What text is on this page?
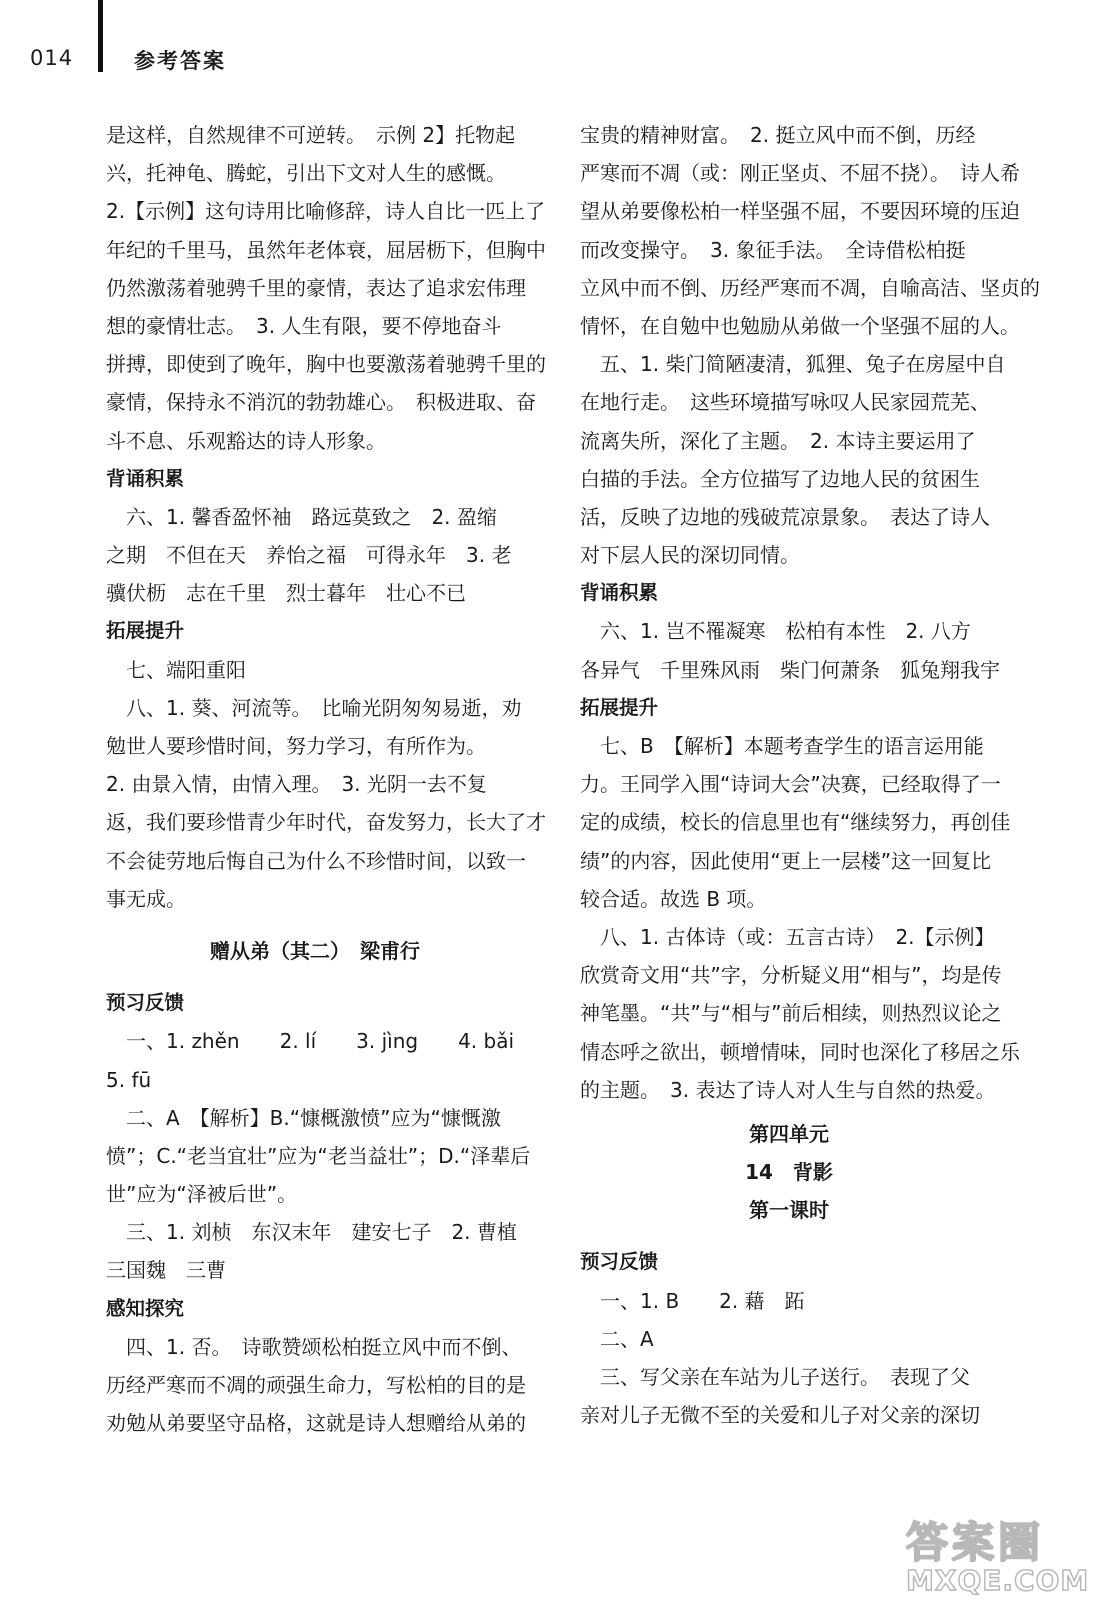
014	参考答案
是这样，自然规律不可逆转。　示例 2】托物起
兴，托神龟、腾蛇，引出下文对人生的感慨。
2.【示例】这句诗用比喻修辞，诗人自比一匹上了
年纪的千里马，虽然年老体衰，屈居枥下，但胸中
仍然激荡着驰骋千里的豪情，表达了追求宏伟理
想的豪情壮志。　3. 人生有限，要不停地奋斗
拼搏，即使到了晚年，胸中也要激荡着驰骋千里的
豪情，保持永不消沉的勃勃雄心。　积极进取、奋
斗不息、乐观豁达的诗人形象。
背诵积累
　六、1. 馨香盈怀袖　路远莫致之　2. 盈缩
之期　不但在天　养怡之福　可得永年　3. 老
骥伏枥　志在千里　烈士暮年　壮心不已
拓展提升
　七、端阳重阳
　八、1. 葵、河流等。　比喻光阴匆匆易逝，劝
勉世人要珍惜时间，努力学习，有所作为。
2. 由景入情，由情入理。　3. 光阴一去不复
返，我们要珍惜青少年时代，奋发努力，长大了才
不会徒劳地后悔自己为什么不珍惜时间，以致一
事无成。
赠从弟（其二）　梁甫行
预习反馈
　一、1. zhěn　　2. lí　　3. jìng　　4. bǎi
5. fū
　二、A　【解析】B.“慷概激愤”应为“慷慨激
愤”；C.“老当宜壮”应为“老当益壮”；D.“泽辈后
世”应为“泽被后世”。
　三、1. 刘桢　东汉末年　建安七子　2. 曹植
三国魏　三曹
感知探究
　四、1. 否。　诗歌赞颂松柏挺立风中而不倒、
历经严寒而不凋的顽强生命力，写松柏的目的是
劝勉从弟要坚守品格，这就是诗人想赠给从弟的
宝贵的精神财富。　2. 挺立风中而不倒，历经
严寒而不凋（或：刚正坚贞、不屈不挠）。　诗人希
望从弟要像松柏一样坚强不屈，不要因环境的压迫
而改变操守。　3. 象征手法。　全诗借松柏挺
立风中而不倒、历经严寒而不凋，自喻高洁、坚贞的
情怀，在自勉中也勉励从弟做一个坚强不屈的人。
　五、1. 柴门简陋凄清，狐狸、兔子在房屋中自
在地行走。　这些环境描写咏叹人民家园荒芜、
流离失所，深化了主题。　2. 本诗主要运用了
白描的手法。全方位描写了边地人民的贫困生
活，反映了边地的残破荒凉景象。　表达了诗人
对下层人民的深切同情。
背诵积累
　六、1. 岂不罹凝寒　松柏有本性　2. 八方
各异气　千里殊风雨　柴门何萧条　狐兔翔我宇
拓展提升
　七、B　【解析】本题考查学生的语言运用能
力。王同学入围“诗词大会”决赛，已经取得了一
定的成绩，校长的信息里也有“继续努力，再创佳
绩”的内容，因此使用“更上一层楼”这一回复比
较合适。故选 B 项。
　八、1. 古体诗（或：五言古诗）　2.【示例】
欣赏奇文用“共”字，分析疑义用“相与”，均是传
神笔墨。“共”与“相与”前后相续，则热烈议论之
情态呼之欲出，顿增情味，同时也深化了移居之乐
的主题。　3. 表达了诗人对人生与自然的热爱。
第四单元
14　背影
第一课时
预习反馈
　一、1. B　　2. 藉　跖
　二、A
　三、写父亲在车站为儿子送行。　表现了父
亲对儿子无微不至的关爱和儿子对父亲的深切
答案圈
MXQE.COM
